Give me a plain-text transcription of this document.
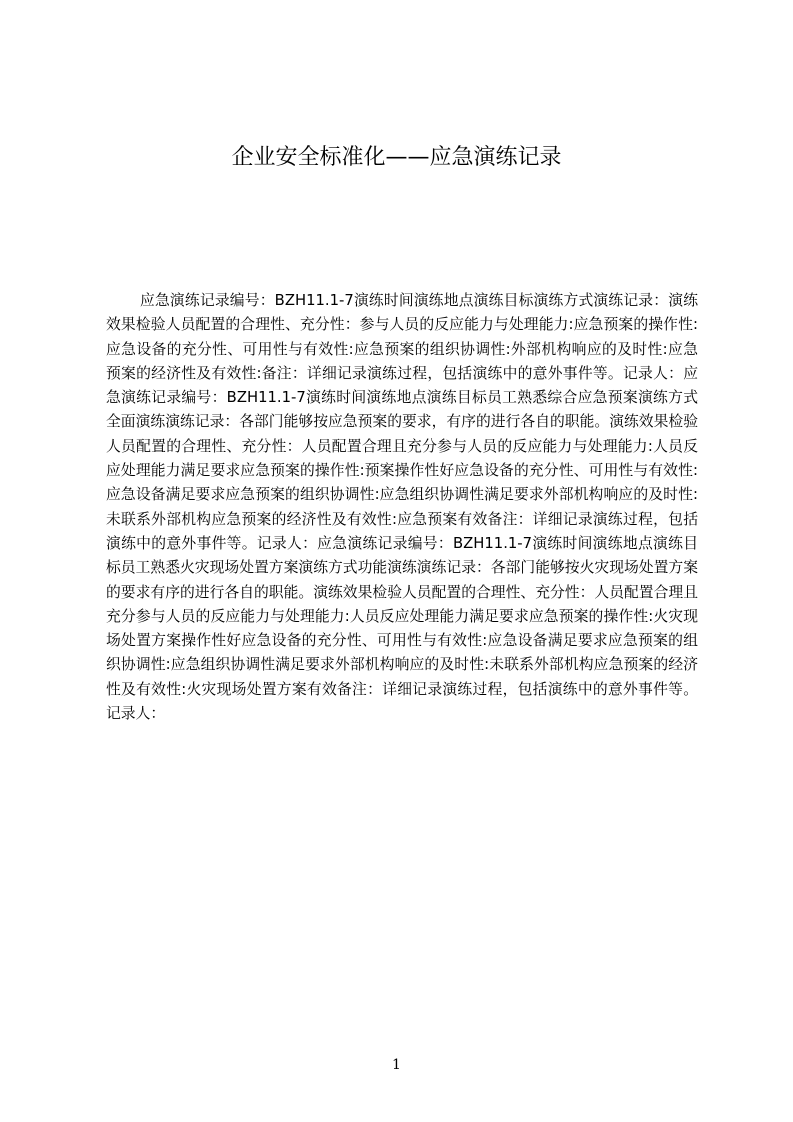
企业安全标准化——应急演练记录

应急演练记录编号：BZH11.1-7演练时间演练地点演练目标演练方式演练记录：演练效果检验人员配置的合理性、充分性：参与人员的反应能力与处理能力:应急预案的操作性:应急设备的充分性、可用性与有效性:应急预案的组织协调性:外部机构响应的及时性:应急预案的经济性及有效性:备注：详细记录演练过程，包括演练中的意外事件等。记录人：应急演练记录编号：BZH11.1-7演练时间演练地点演练目标员工熟悉综合应急预案演练方式全面演练演练记录：各部门能够按应急预案的要求，有序的进行各自的职能。演练效果检验人员配置的合理性、充分性：人员配置合理且充分参与人员的反应能力与处理能力:人员反应处理能力满足要求应急预案的操作性:预案操作性好应急设备的充分性、可用性与有效性:应急设备满足要求应急预案的组织协调性:应急组织协调性满足要求外部机构响应的及时性:未联系外部机构应急预案的经济性及有效性:应急预案有效备注：详细记录演练过程，包括演练中的意外事件等。记录人：应急演练记录编号：BZH11.1-7演练时间演练地点演练目标员工熟悉火灾现场处置方案演练方式功能演练演练记录：各部门能够按火灾现场处置方案的要求有序的进行各自的职能。演练效果检验人员配置的合理性、充分性：人员配置合理且充分参与人员的反应能力与处理能力:人员反应处理能力满足要求应急预案的操作性:火灾现场处置方案操作性好应急设备的充分性、可用性与有效性:应急设备满足要求应急预案的组织协调性:应急组织协调性满足要求外部机构响应的及时性:未联系外部机构应急预案的经济性及有效性:火灾现场处置方案有效备注：详细记录演练过程，包括演练中的意外事件等。记录人：

1
